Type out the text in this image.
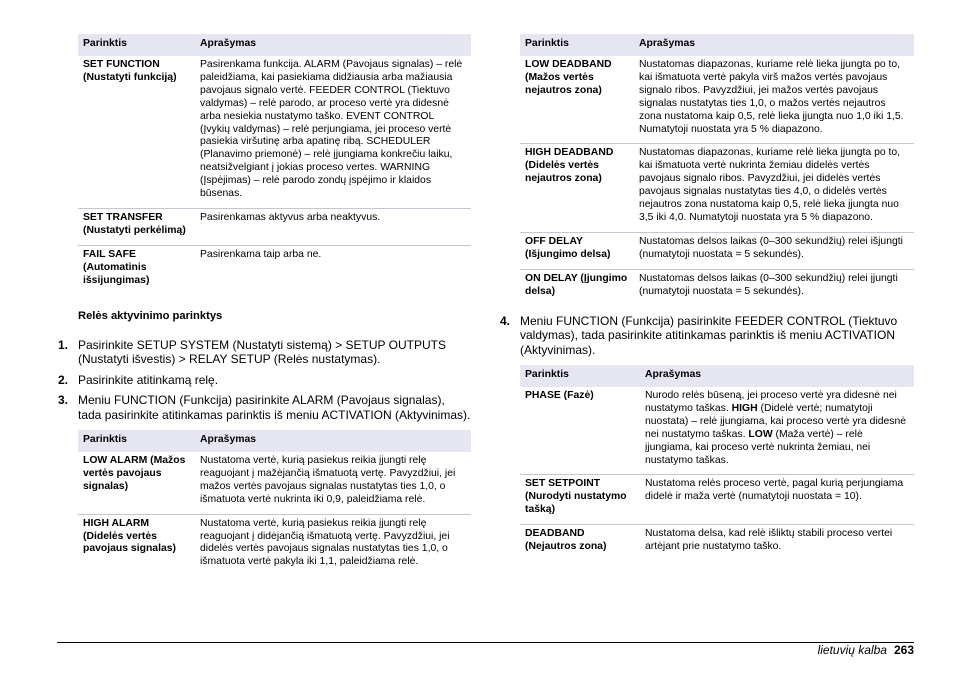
Parinktis	Aprašymas
SET FUNCTION (Nustatyti funkciją)	Pasirenkama funkcija. ALARM (Pavojaus signalas) – relė paleidžiama, kai pasiekiama didžiausia arba mažiausia pavojaus signalo vertė. FEEDER CONTROL (Tiektuvo valdymas) – relė parodo, ar proceso vertė yra didesnė arba nesiekia nustatymo taško. EVENT CONTROL (Įvykių valdymas) – relė perjungiama, jei proceso vertė pasiekia viršutinę arba apatinę ribą. SCHEDULER (Planavimo priemonė) – relė įjungiama konkrečiu laiku, neatsižvelgiant į jokias proceso vertes. WARNING (Įspėjimas) – relė parodo zondų įspėjimo ir klaidos būsenas.
SET TRANSFER (Nustatyti perkėlimą)	Pasirenkamas aktyvus arba neaktyvus.
FAIL SAFE (Automatinis išsijungimas)	Pasirenkama taip arba ne.
Relės aktyvinimo parinktys
1. Pasirinkite SETUP SYSTEM (Nustatyti sistemą) > SETUP OUTPUTS (Nustatyti išvestis) > RELAY SETUP (Relės nustatymas).
2. Pasirinkite atitinkamą relę.
3. Meniu FUNCTION (Funkcija) pasirinkite ALARM (Pavojaus signalas), tada pasirinkite atitinkamas parinktis iš meniu ACTIVATION (Aktyvinimas).
Parinktis	Aprašymas
LOW ALARM (Mažos vertės pavojaus signalas)	Nustatoma vertė, kurią pasiekus reikia įjungti relę reaguojant į mažėjančią išmatuotą vertę. Pavyzdžiui, jei mažos vertės pavojaus signalas nustatytas ties 1,0, o išmatuota vertė nukrinta iki 0,9, paleidžiama relė.
HIGH ALARM (Didelės vertės pavojaus signalas)	Nustatoma vertė, kurią pasiekus reikia įjungti relę reaguojant į didėjančią išmatuotą vertę. Pavyzdžiui, jei didelės vertės pavojaus signalas nustatytas ties 1,0, o išmatuota vertė pakyla iki 1,1, paleidžiama relė.
Parinktis	Aprašymas
LOW DEADBAND (Mažos vertės nejautros zona)	Nustatomas diapazonas, kuriame relė lieka įjungta po to, kai išmatuota vertė pakyla virš mažos vertės pavojaus signalo ribos. Pavyzdžiui, jei mažos vertės pavojaus signalas nustatytas ties 1,0, o mažos vertės nejautros zona nustatoma kaip 0,5, relė lieka įjungta nuo 1,0 iki 1,5. Numatytoji nuostata yra 5 % diapazono.
HIGH DEADBAND (Didelės vertės nejautros zona)	Nustatomas diapazonas, kuriame relė lieka įjungta po to, kai išmatuota vertė nukrinta žemiau didelės vertės pavojaus signalo ribos. Pavyzdžiui, jei didelės vertės pavojaus signalas nustatytas ties 4,0, o didelės vertės nejautros zona nustatoma kaip 0,5, relė lieka įjungta nuo 3,5 iki 4,0. Numatytoji nuostata yra 5 % diapazono.
OFF DELAY (Išjungimo delsa)	Nustatomas delsos laikas (0–300 sekundžių) relei išjungti (numatytoji nuostata = 5 sekundės).
ON DELAY (Įjungimo delsa)	Nustatomas delsos laikas (0–300 sekundžių) relei įjungti (numatytoji nuostata = 5 sekundės).
4. Meniu FUNCTION (Funkcija) pasirinkite FEEDER CONTROL (Tiektuvo valdymas), tada pasirinkite atitinkamas parinktis iš meniu ACTIVATION (Aktyvinimas).
Parinktis	Aprašymas
PHASE (Fazė)	Nurodo relės būseną, jei proceso vertė yra didesnė nei nustatymo taškas. HIGH (Didelė vertė; numatytoji nuostata) – relė įjungiama, kai proceso vertė yra didesnė nei nustatymo taškas. LOW (Maža vertė) – relė įjungiama, kai proceso vertė nukrinta žemiau, nei nustatymo taškas.
SET SETPOINT (Nurodyti nustatymo tašką)	Nustatoma relės proceso vertė, pagal kurią perjungiama didelė ir maža vertė (numatytoji nuostata = 10).
DEADBAND (Nejautros zona)	Nustatoma delsa, kad relė išliktų stabili proceso vertei artėjant prie nustatymo taško.
lietuvių kalba 263
